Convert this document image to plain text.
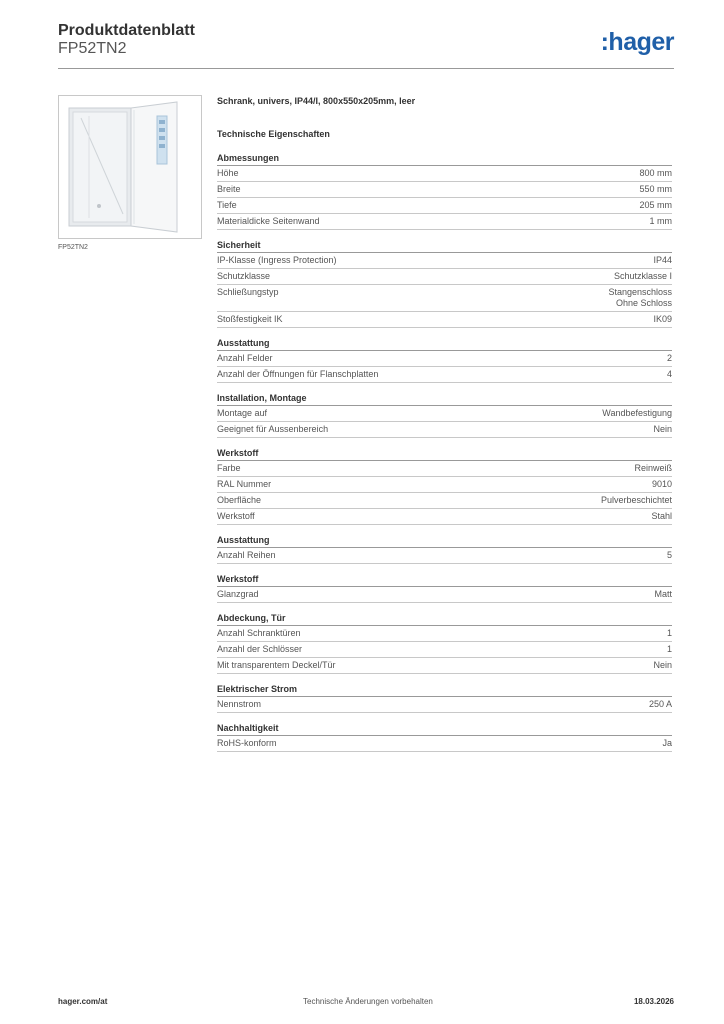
Produktdatenblatt
FP52TN2	:hager
FP52TN2
Schrank, univers, IP44/I, 800x550x205mm, leer
Technische Eigenschaften
Abmessungen
Höhe	800 mm
Breite	550 mm
Tiefe	205 mm
Materialdicke Seitenwand	1 mm
Sicherheit
IP-Klasse (Ingress Protection)	IP44
Schutzklasse	Schutzklasse I
Schließungstyp	Stangenschloss
Ohne Schloss
Stoßfestigkeit IK	IK09
Ausstattung
Anzahl Felder	2
Anzahl der Öffnungen für Flanschplatten	4
Installation, Montage
Montage auf	Wandbefestigung
Geeignet für Aussenbereich	Nein
Werkstoff
Farbe	Reinweiß
RAL Nummer	9010
Oberfläche	Pulverbeschichtet
Werkstoff	Stahl
Ausstattung
Anzahl Reihen	5
Werkstoff
Glanzgrad	Matt
Abdeckung, Tür
Anzahl Schranktüren	1
Anzahl der Schlösser	1
Mit transparentem Deckel/Tür	Nein
Elektrischer Strom
Nennstrom	250 A
Nachhaltigkeit
RoHS-konform	Ja
hager.com/at	Technische Änderungen vorbehalten	18.03.2026
